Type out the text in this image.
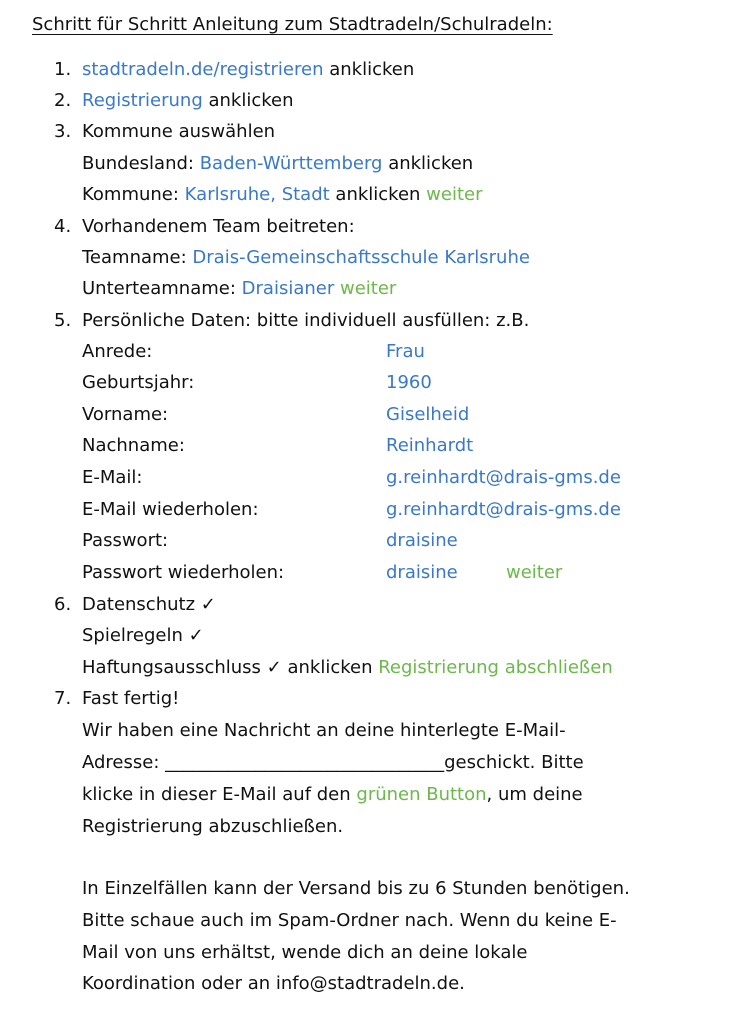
Schritt für Schritt Anleitung zum Stadtradeln/Schulradeln:
1. stadtradeln.de/registrieren anklicken
2. Registrierung anklicken
3. Kommune auswählen
Bundesland: Baden-Württemberg anklicken
Kommune: Karlsruhe, Stadt anklicken weiter
4. Vorhandenem Team beitreten:
Teamname: Drais-Gemeinschaftsschule Karlsruhe
Unterteamname: Draisianer weiter
5. Persönliche Daten: bitte individuell ausfüllen: z.B.
Anrede:	Frau
Geburtsjahr:	1960
Vorname:	Giselheid
Nachname:	Reinhardt
E-Mail:	g.reinhardt@drais-gms.de
E-Mail wiederholen:	g.reinhardt@drais-gms.de
Passwort:	draisine
Passwort wiederholen:	draisine	weiter
6. Datenschutz ✓
Spielregeln ✓
Haftungsausschluss ✓ anklicken Registrierung abschließen
7. Fast fertig!
Wir haben eine Nachricht an deine hinterlegte E-Mail-
Adresse: _______________________________geschickt. Bitte
klicke in dieser E-Mail auf den grünen Button, um deine
Registrierung abzuschließen.
In Einzelfällen kann der Versand bis zu 6 Stunden benötigen.
Bitte schaue auch im Spam-Ordner nach. Wenn du keine E-
Mail von uns erhältst, wende dich an deine lokale
Koordination oder an info@stadtradeln.de.
